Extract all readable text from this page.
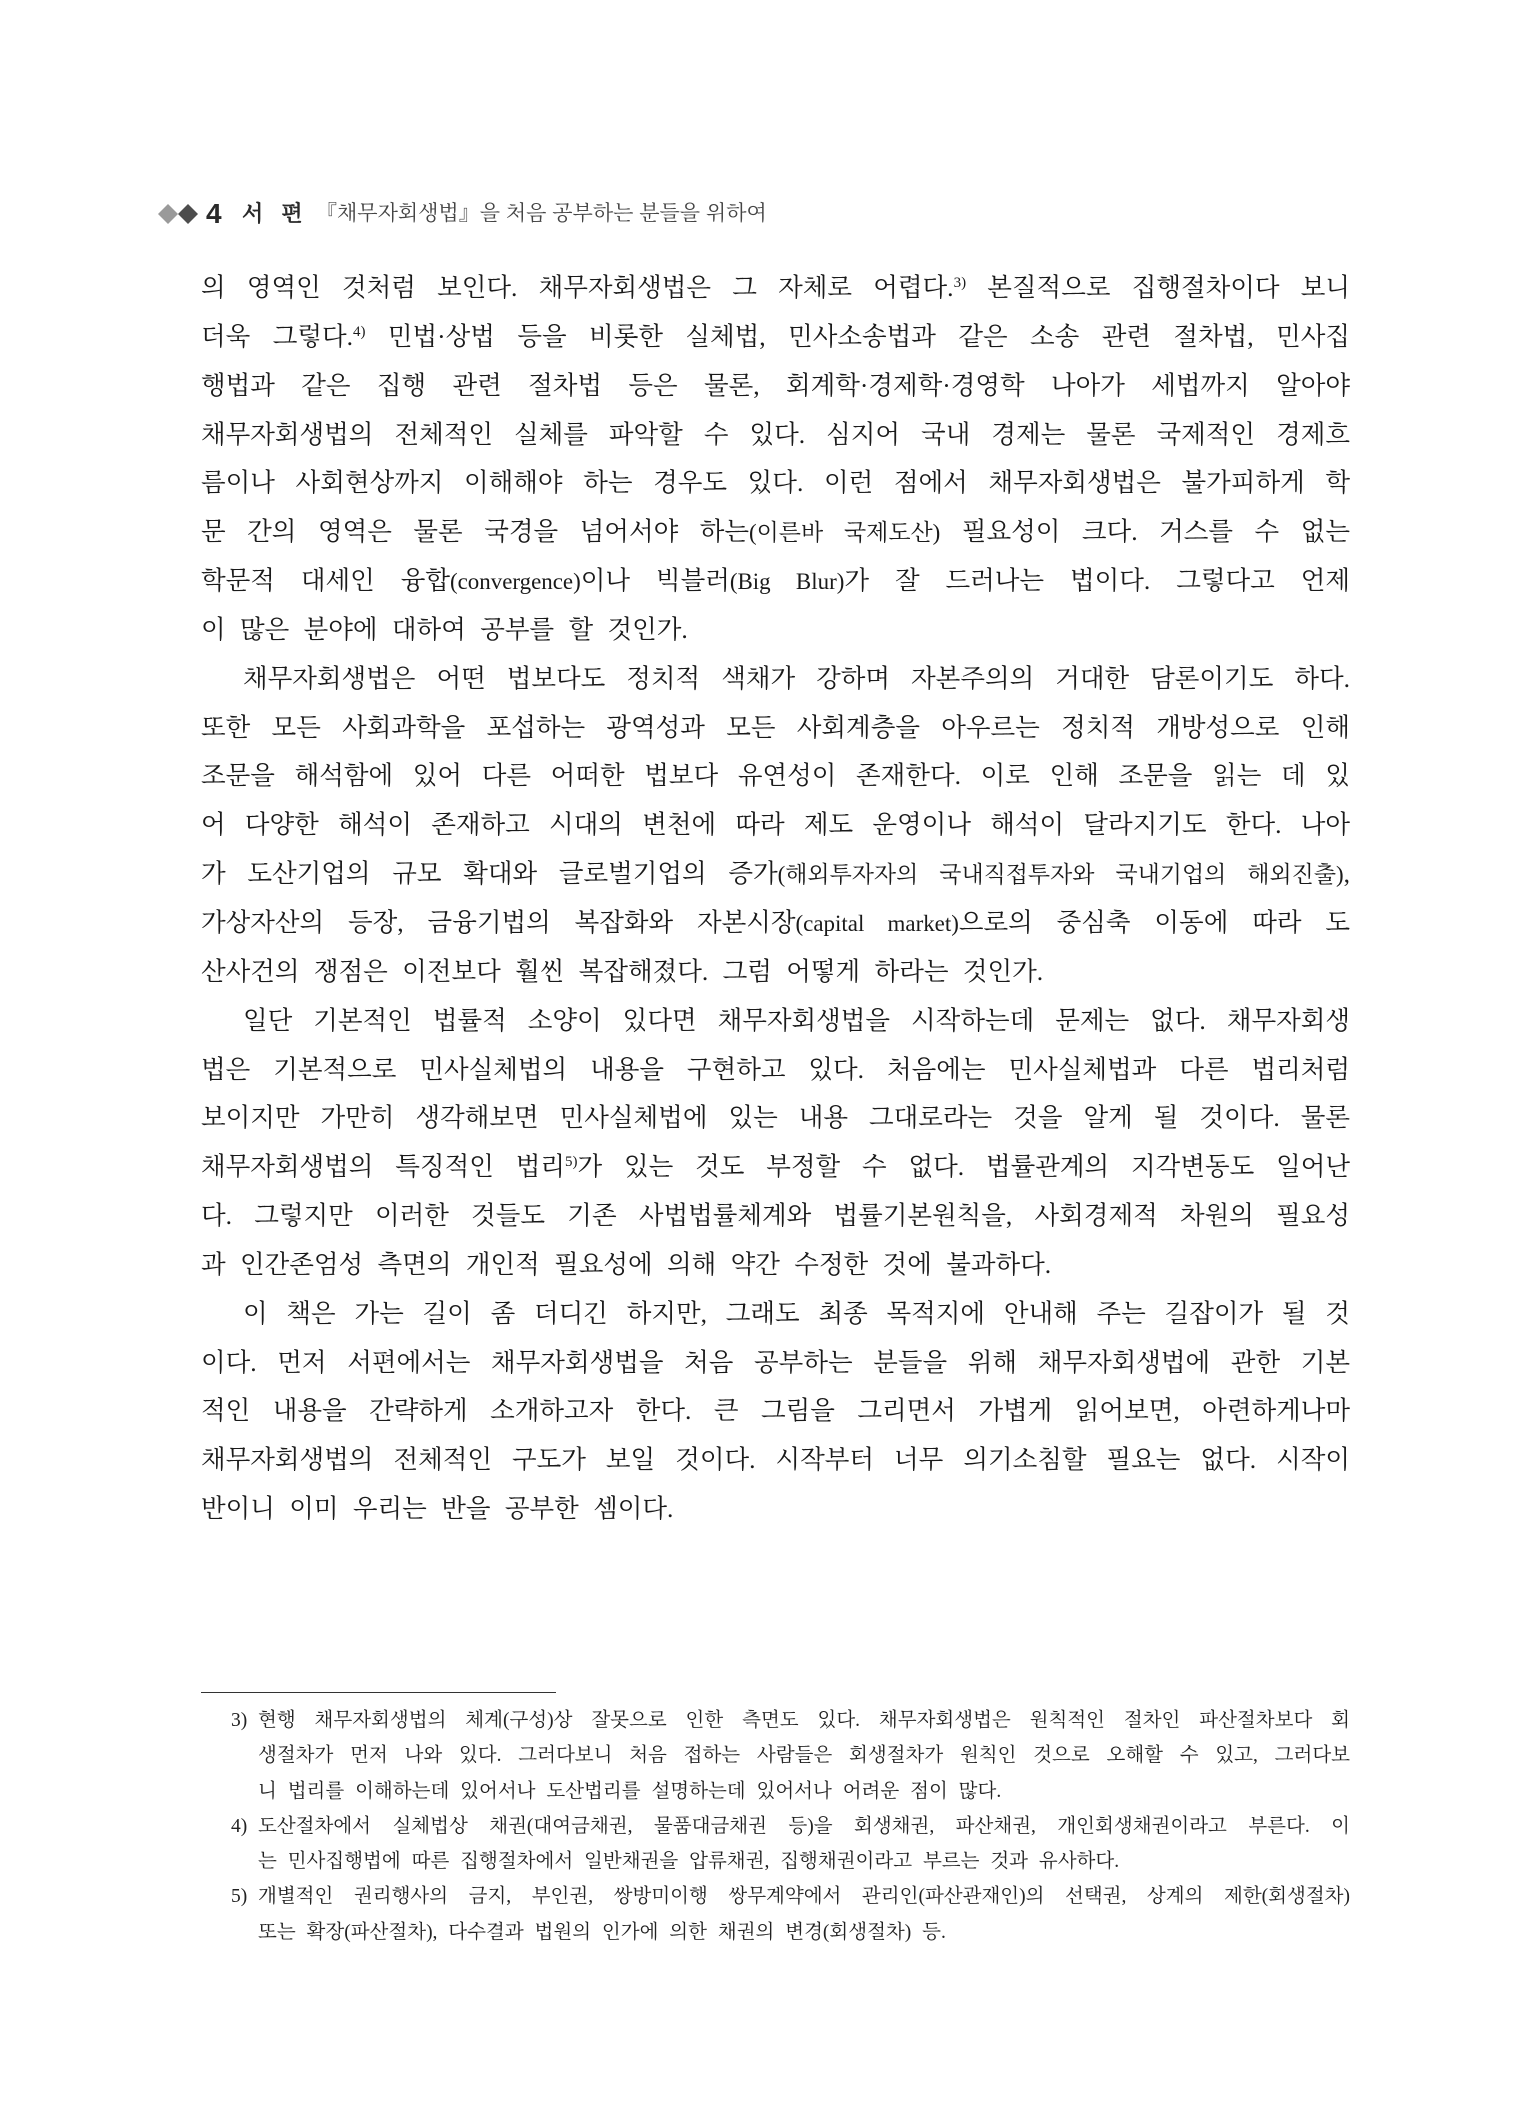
4 서 편 『채무자회생법』을 처음 공부하는 분들을 위하여
의 영역인 것처럼 보인다. 채무자회생법은 그 자체로 어렵다.$^{3)}$ 본질적으로 집행절차이다 보니
더욱 그렇다.$^{4)}$ 민법·상법 등을 비롯한 실체법, 민사소송법과 같은 소송 관련 절차법, 민사집
행법과 같은 집행 관련 절차법 등은 물론, 회계학·경제학·경영학 나아가 세법까지 알아야
채무자회생법의 전체적인 실체를 파악할 수 있다. 심지어 국내 경제는 물론 국제적인 경제흐
름이나 사회현상까지 이해해야 하는 경우도 있다. 이런 점에서 채무자회생법은 불가피하게 학
문 간의 영역은 물론 국경을 넘어서야 하는(이른바 국제도산) 필요성이 크다. 거스를 수 없는
학문적 대세인 융합(convergence)이나 빅블러(Big Blur)가 잘 드러나는 법이다. 그렇다고 언제
이 많은 분야에 대하여 공부를 할 것인가.
채무자회생법은 어떤 법보다도 정치적 색채가 강하며 자본주의의 거대한 담론이기도 하다.
또한 모든 사회과학을 포섭하는 광역성과 모든 사회계층을 아우르는 정치적 개방성으로 인해
조문을 해석함에 있어 다른 어떠한 법보다 유연성이 존재한다. 이로 인해 조문을 읽는 데 있
어 다양한 해석이 존재하고 시대의 변천에 따라 제도 운영이나 해석이 달라지기도 한다. 나아
가 도산기업의 규모 확대와 글로벌기업의 증가(해외투자자의 국내직접투자와 국내기업의 해외진출),
가상자산의 등장, 금융기법의 복잡화와 자본시장(capital market)으로의 중심축 이동에 따라 도
산사건의 쟁점은 이전보다 훨씬 복잡해졌다. 그럼 어떻게 하라는 것인가.
일단 기본적인 법률적 소양이 있다면 채무자회생법을 시작하는데 문제는 없다. 채무자회생
법은 기본적으로 민사실체법의 내용을 구현하고 있다. 처음에는 민사실체법과 다른 법리처럼
보이지만 가만히 생각해보면 민사실체법에 있는 내용 그대로라는 것을 알게 될 것이다. 물론
채무자회생법의 특징적인 법리$^{5)}$가 있는 것도 부정할 수 없다. 법률관계의 지각변동도 일어난
다. 그렇지만 이러한 것들도 기존 사법법률체계와 법률기본원칙을, 사회경제적 차원의 필요성
과 인간존엄성 측면의 개인적 필요성에 의해 약간 수정한 것에 불과하다.
이 책은 가는 길이 좀 더디긴 하지만, 그래도 최종 목적지에 안내해 주는 길잡이가 될 것
이다. 먼저 서편에서는 채무자회생법을 처음 공부하는 분들을 위해 채무자회생법에 관한 기본
적인 내용을 간략하게 소개하고자 한다. 큰 그림을 그리면서 가볍게 읽어보면, 아련하게나마
채무자회생법의 전체적인 구도가 보일 것이다. 시작부터 너무 의기소침할 필요는 없다. 시작이
반이니 이미 우리는 반을 공부한 셈이다.
3) 현행 채무자회생법의 체계(구성)상 잘못으로 인한 측면도 있다. 채무자회생법은 원칙적인 절차인 파산절차보다 회
생절차가 먼저 나와 있다. 그러다보니 처음 접하는 사람들은 회생절차가 원칙인 것으로 오해할 수 있고, 그러다보
니 법리를 이해하는데 있어서나 도산법리를 설명하는데 있어서나 어려운 점이 많다.
4) 도산절차에서 실체법상 채권(대여금채권, 물품대금채권 등)을 회생채권, 파산채권, 개인회생채권이라고 부른다. 이
는 민사집행법에 따른 집행절차에서 일반채권을 압류채권, 집행채권이라고 부르는 것과 유사하다.
5) 개별적인 권리행사의 금지, 부인권, 쌍방미이행 쌍무계약에서 관리인(파산관재인)의 선택권, 상계의 제한(회생절차)
또는 확장(파산절차), 다수결과 법원의 인가에 의한 채권의 변경(회생절차) 등.
